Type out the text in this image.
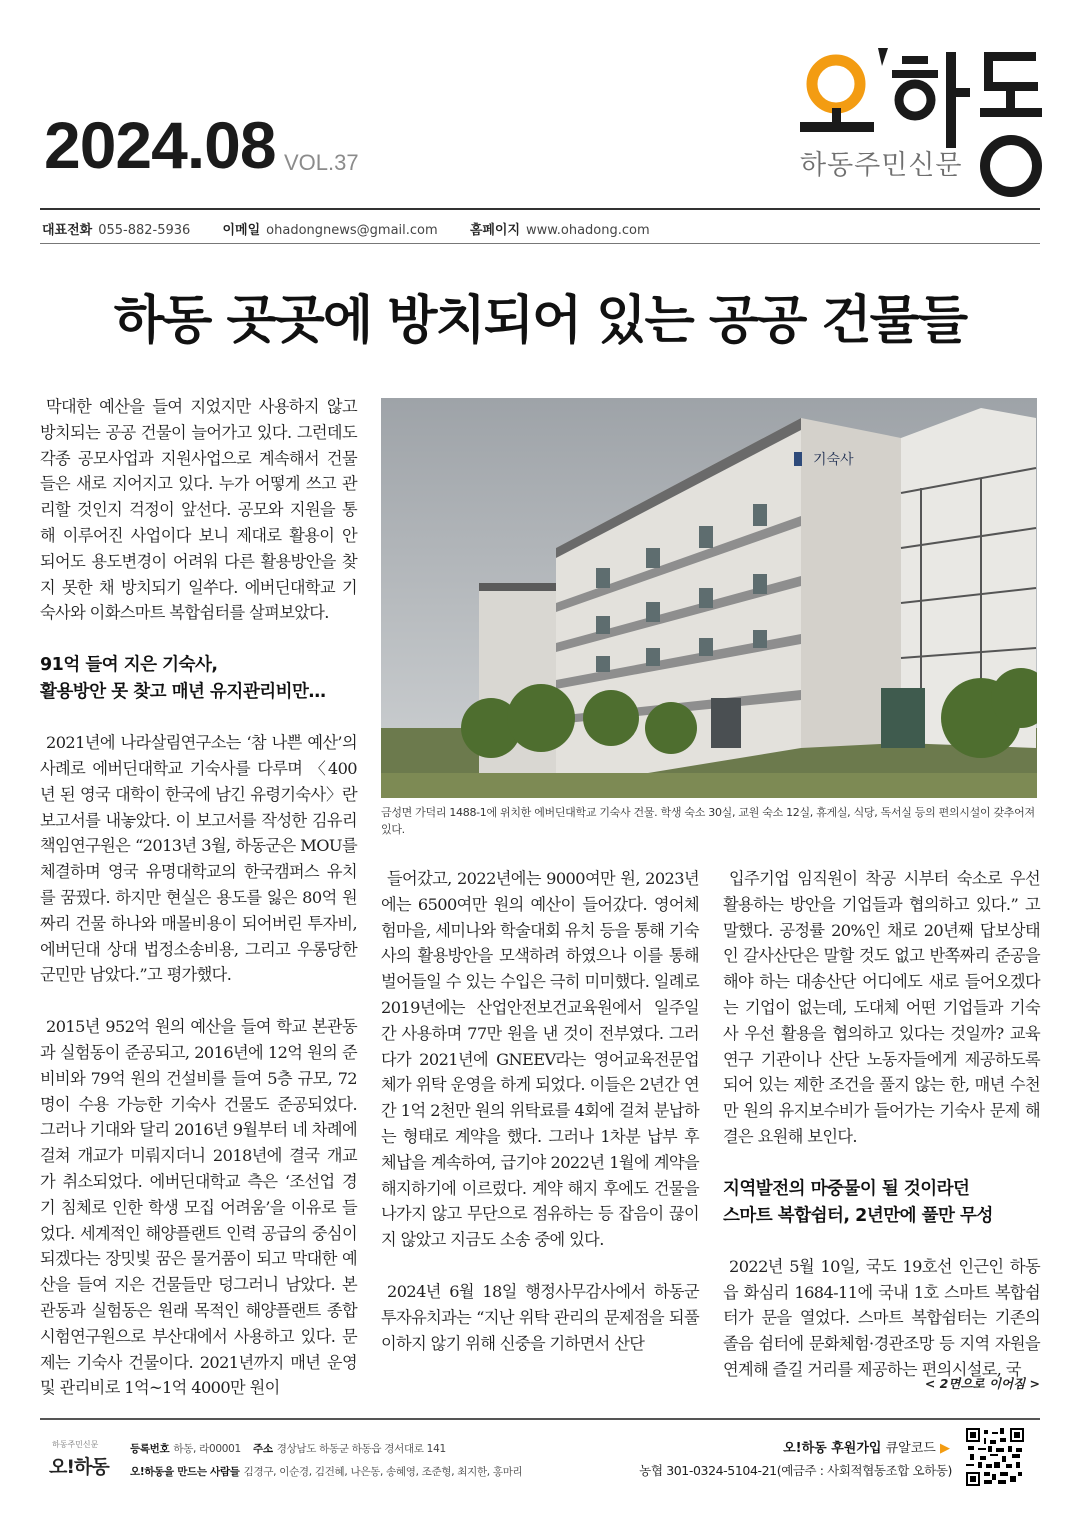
2024.08 VOL.37	하동주민신문
대표전화 055-882-5936 이메일 ohadongnews@gmail.com 홈페이지 www.ohadong.com
하동 곳곳에 방치되어 있는 공공 건물들

막대한 예산을 들여 지었지만 사용하지 않고 방치되는 공공 건물이 늘어가고 있다. 그런데도 각종 공모사업과 지원사업으로 계속해서 건물들은 새로 지어지고 있다. 누가 어떻게 쓰고 관리할 것인지 걱정이 앞선다. 공모와 지원을 통해 이루어진 사업이다 보니 제대로 활용이 안 되어도 용도변경이 어려워 다른 활용방안을 찾지 못한 채 방치되기 일쑤다. 에버딘대학교 기숙사와 이화스마트 복합쉼터를 살펴보았다.

91억 들여 지은 기숙사,
활용방안 못 찾고 매년 유지관리비만…

2021년에 나라살림연구소는 ‘참 나쁜 예산’의 사례로 에버딘대학교 기숙사를 다루며 〈400년 된 영국 대학이 한국에 남긴 유령기숙사〉란 보고서를 내놓았다. 이 보고서를 작성한 김유리 책임연구원은 “2013년 3월, 하동군은 MOU를 체결하며 영국 유명대학교의 한국캠퍼스 유치를 꿈꿨다. 하지만 현실은 용도를 잃은 80억 원짜리 건물 하나와 매몰비용이 되어버린 투자비, 에버딘대 상대 법정소송비용, 그리고 우롱당한 군민만 남았다.”고 평가했다.

2015년 952억 원의 예산을 들여 학교 본관동과 실험동이 준공되고, 2016년에 12억 원의 준비비와 79억 원의 건설비를 들여 5층 규모, 72명이 수용 가능한 기숙사 건물도 준공되었다. 그러나 기대와 달리 2016년 9월부터 네 차례에 걸쳐 개교가 미뤄지더니 2018년에 결국 개교가 취소되었다. 에버딘대학교 측은 ‘조선업 경기 침체로 인한 학생 모집 어려움’을 이유로 들었다. 세계적인 해양플랜트 인력 공급의 중심이 되겠다는 장밋빛 꿈은 물거품이 되고 막대한 예산을 들여 지은 건물들만 덩그러니 남았다. 본관동과 실험동은 원래 목적인 해양플랜트 종합시험연구원으로 부산대에서 사용하고 있다. 문제는 기숙사 건물이다. 2021년까지 매년 운영 및 관리비로 1억~1억 4000만 원이

기숙사
금성면 가덕리 1488-1에 위치한 에버딘대학교 기숙사 건물. 학생 숙소 30실, 교원 숙소 12실, 휴게실, 식당, 독서실 등의 편의시설이 갖추어져 있다.

들어갔고, 2022년에는 9000여만 원, 2023년에는 6500여만 원의 예산이 들어갔다. 영어체험마을, 세미나와 학술대회 유치 등을 통해 기숙사의 활용방안을 모색하려 하였으나 이를 통해 벌어들일 수 있는 수입은 극히 미미했다. 일례로 2019년에는 산업안전보건교육원에서 일주일 간 사용하며 77만 원을 낸 것이 전부였다. 그러다가 2021년에 GNEEV라는 영어교육전문업체가 위탁 운영을 하게 되었다. 이들은 2년간 연간 1억 2천만 원의 위탁료를 4회에 걸쳐 분납하는 형태로 계약을 했다. 그러나 1차분 납부 후 체납을 계속하여, 급기야 2022년 1월에 계약을 해지하기에 이르렀다. 계약 해지 후에도 건물을 나가지 않고 무단으로 점유하는 등 잡음이 끊이지 않았고 지금도 소송 중에 있다.

2024년 6월 18일 행정사무감사에서 하동군 투자유치과는 “지난 위탁 관리의 문제점을 되풀이하지 않기 위해 신중을 기하면서 산단

입주기업 임직원이 착공 시부터 숙소로 우선 활용하는 방안을 기업들과 협의하고 있다.” 고 말했다. 공정률 20%인 채로 20년째 답보상태인 갈사산단은 말할 것도 없고 반쪽짜리 준공을 해야 하는 대송산단 어디에도 새로 들어오겠다는 기업이 없는데, 도대체 어떤 기업들과 기숙사 우선 활용을 협의하고 있다는 것일까? 교육연구 기관이나 산단 노동자들에게 제공하도록 되어 있는 제한 조건을 풀지 않는 한, 매년 수천만 원의 유지보수비가 들어가는 기숙사 문제 해결은 요원해 보인다.

지역발전의 마중물이 될 것이라던
스마트 복합쉼터, 2년만에 풀만 무성

2022년 5월 10일, 국도 19호선 인근인 하동읍 화심리 1684-11에 국내 1호 스마트 복합쉼터가 문을 열었다. 스마트 복합쉼터는 기존의 졸음 쉼터에 문화체험·경관조망 등 지역 자원을 연계해 즐길 거리를 제공하는 편의시설로, 국

< 2면으로 이어짐 >
하동주민신문
오!하동
등록번호 하동, 라00001 주소 경상남도 하동군 하동읍 경서대로 141
오!하동을 만드는 사람들 김경구, 이순경, 김건혜, 나은동, 송혜영, 조준형, 최지한, 홍마리
오!하동 후원가입 큐알코드 ▶
농협 301-0324-5104-21(예금주 : 사회적협동조합 오하동)
